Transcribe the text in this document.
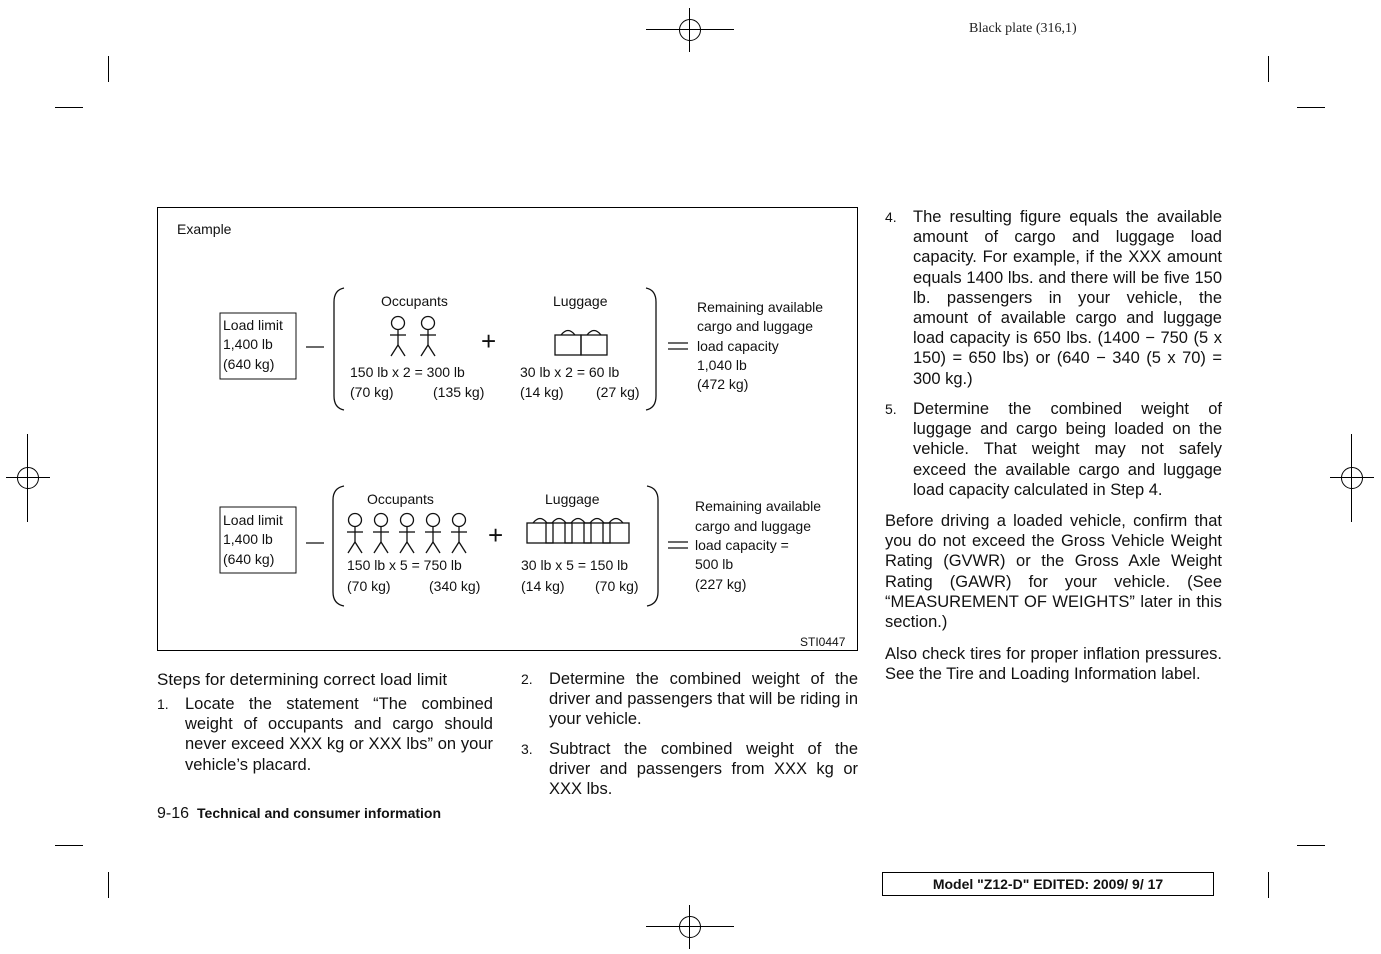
Black plate (316,1)
Example
Load limit
1,400 lb
(640 kg)
Occupants
+
Luggage
150 lb x 2 = 300 lb
(70 kg)	(135 kg)
30 lb x 2 = 60 lb
(14 kg) (27 kg)
Remaining available
cargo and luggage
load capacity
1,040 lb
(472 kg)
Load limit
1,400 lb
(640 kg)
Occupants
+
Luggage
150 lb x 5 = 750 lb
(70 kg)	(340 kg)
30 lb x 5 = 150 lb
(14 kg) (70 kg)
Remaining available
cargo and luggage
load capacity =
500 lb
(227 kg)
STI0447
Steps for determining correct load limit
1. Locate the statement “The combined weight of occupants and cargo should never exceed XXX kg or XXX lbs” on your vehicle’s placard.
2. Determine the combined weight of the driver and passengers that will be riding in your vehicle.
3. Subtract the combined weight of the driver and passengers from XXX kg or XXX lbs.
4. The resulting figure equals the available amount of cargo and luggage load capacity. For example, if the XXX amount equals 1400 lbs. and there will be five 150 lb. passengers in your vehicle, the amount of available cargo and luggage load capacity is 650 lbs. (1400 − 750 (5 x 150) = 650 lbs) or (640 − 340 (5 x 70) = 300 kg.)
5. Determine the combined weight of luggage and cargo being loaded on the vehicle. That weight may not safely exceed the available cargo and luggage load capacity calculated in Step 4.
Before driving a loaded vehicle, confirm that you do not exceed the Gross Vehicle Weight Rating (GVWR) or the Gross Axle Weight Rating (GAWR) for your vehicle. (See “MEASUREMENT OF WEIGHTS” later in this section.)
Also check tires for proper inflation pressures. See the Tire and Loading Information label.
9-16 Technical and consumer information
Model "Z12-D" EDITED: 2009/ 9/ 17
